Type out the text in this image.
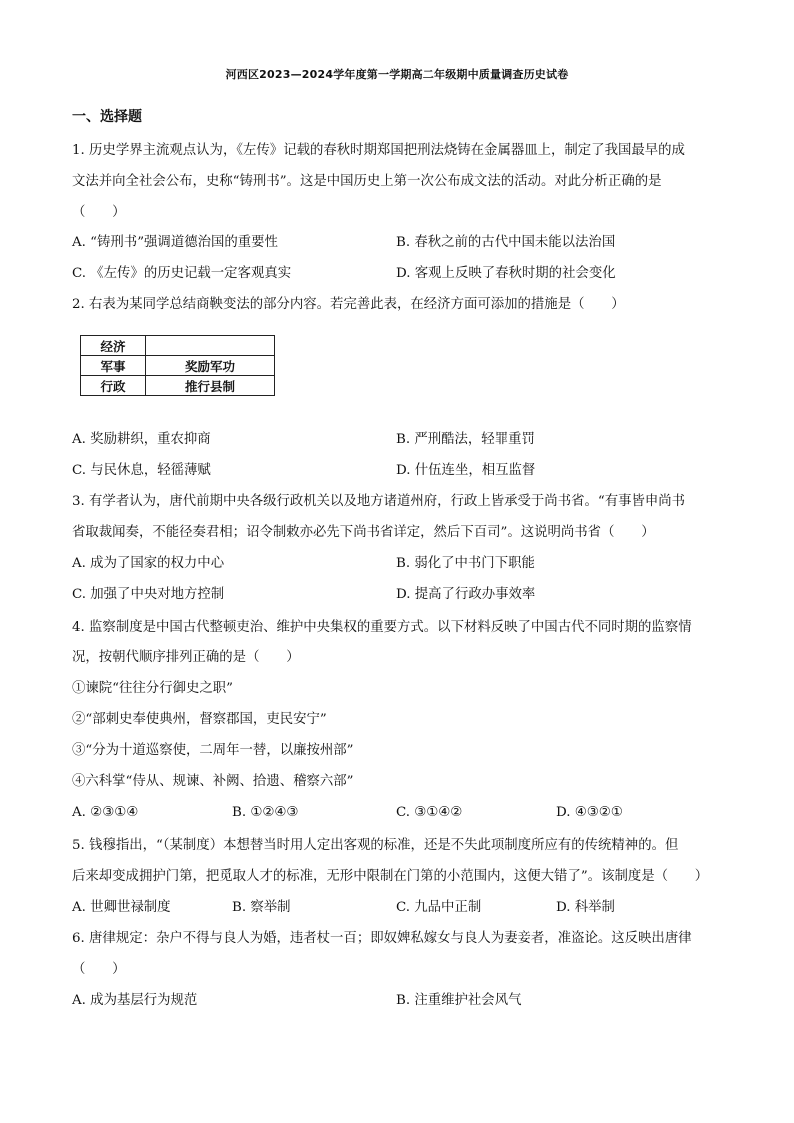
河西区2023—2024学年度第一学期高二年级期中质量调查历史试卷
一、选择题
1. 历史学界主流观点认为，《左传》记载的春秋时期郑国把刑法烧铸在金属器皿上，制定了我国最早的成
文法并向全社会公布，史称“铸刑书”。这是中国历史上第一次公布成文法的活动。对此分析正确的是
（　　）
A. “铸刑书”强调道德治国的重要性	B. 春秋之前的古代中国未能以法治国
C. 《左传》的历史记载一定客观真实	D. 客观上反映了春秋时期的社会变化
2. 右表为某同学总结商鞅变法的部分内容。若完善此表，在经济方面可添加的措施是（　　）
经济	
军事	奖励军功
行政	推行县制
A. 奖励耕织，重农抑商	B. 严刑酷法，轻罪重罚
C. 与民休息，轻徭薄赋	D. 什伍连坐，相互监督
3. 有学者认为，唐代前期中央各级行政机关以及地方诸道州府，行政上皆承受于尚书省。“有事皆申尚书
省取裁闻奏，不能径奏君相；诏令制敕亦必先下尚书省详定，然后下百司”。这说明尚书省（　　）
A. 成为了国家的权力中心	B. 弱化了中书门下职能
C. 加强了中央对地方控制	D. 提高了行政办事效率
4. 监察制度是中国古代整顿吏治、维护中央集权的重要方式。以下材料反映了中国古代不同时期的监察情
况，按朝代顺序排列正确的是（　　）
①谏院“往往分行御史之职”
②“部刺史奉使典州，督察郡国，吏民安宁”
③“分为十道巡察使，二周年一替，以廉按州部”
④六科掌“侍从、规谏、补阙、拾遗、稽察六部”
A. ②③①④	B. ①②④③	C. ③①④②	D. ④③②①
5. 钱穆指出，“（某制度）本想替当时用人定出客观的标准，还是不失此项制度所应有的传统精神的。但
后来却变成拥护门第，把觅取人才的标准，无形中限制在门第的小范围内，这便大错了”。该制度是（　　）
A. 世卿世禄制度	B. 察举制	C. 九品中正制	D. 科举制
6. 唐律规定：杂户不得与良人为婚，违者杖一百；即奴婢私嫁女与良人为妻妾者，准盗论。这反映出唐律
（　　）
A. 成为基层行为规范	B. 注重维护社会风气
